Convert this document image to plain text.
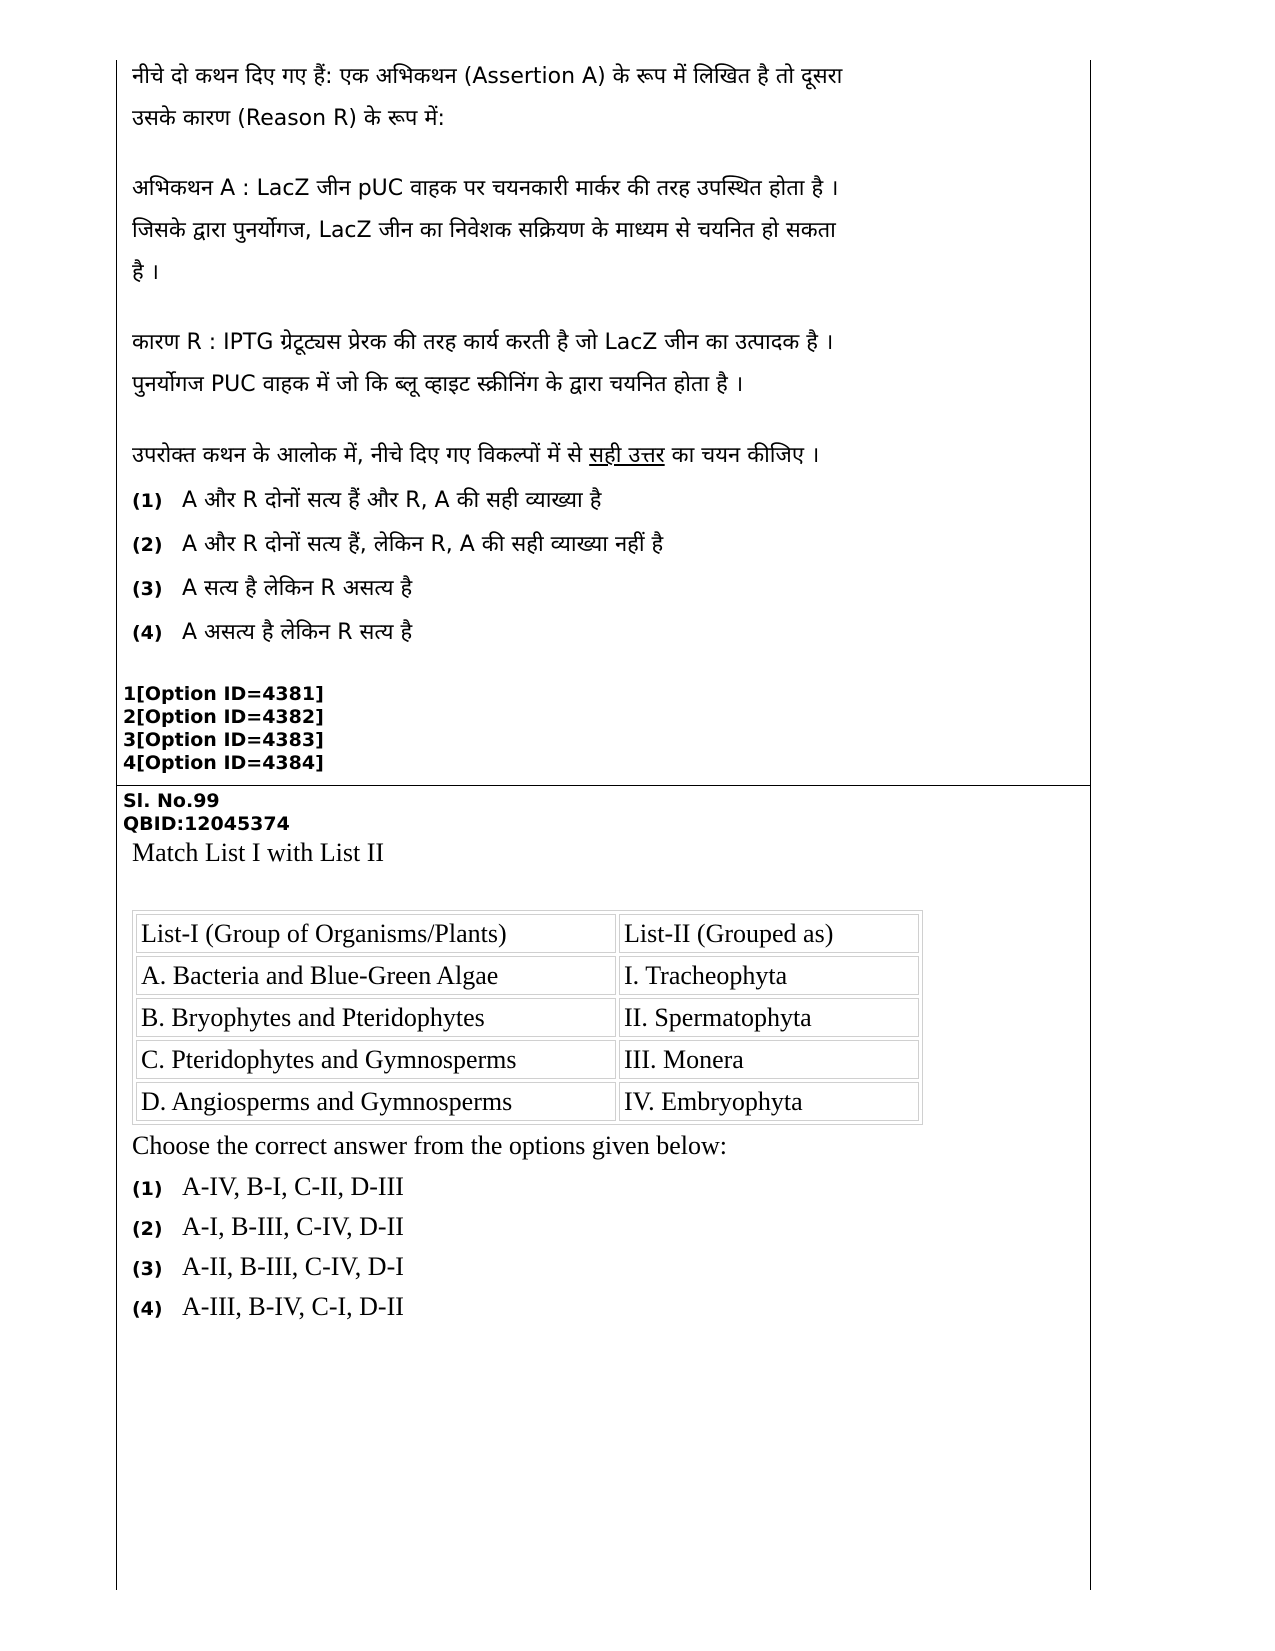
नीचे दो कथन दिए गए हैं: एक अभिकथन (Assertion A) के रूप में लिखित है तो दूसरा

उसके कारण (Reason R) के रूप में:

अभिकथन A : LacZ जीन pUC वाहक पर चयनकारी मार्कर की तरह उपस्थित होता है ।

जिसके द्वारा पुनर्योगज, LacZ जीन का निवेशक सक्रियण के माध्यम से चयनित हो सकता

है ।

कारण R : IPTG ग्रेटूट्यस प्रेरक की तरह कार्य करती है जो LacZ जीन का उत्पादक है ।

पुनर्योगज PUC वाहक में जो कि ब्लू व्हाइट स्क्रीनिंग के द्वारा चयनित होता है ।

उपरोक्त कथन के आलोक में, नीचे दिए गए विकल्पों में से सही उत्तर का चयन कीजिए ।

(1) A और R दोनों सत्य हैं और R, A की सही व्याख्या है
(2) A और R दोनों सत्य हैं, लेकिन R, A की सही व्याख्या नहीं है
(3) A सत्य है लेकिन R असत्य है
(4) A असत्य है लेकिन R सत्य है
1[Option ID=4381]
2[Option ID=4382]
3[Option ID=4383]
4[Option ID=4384]
Sl. No.99
QBID:12045374
Match List I with List II
List-I (Group of Organisms/Plants)	List-II (Grouped as)
A. Bacteria and Blue-Green Algae	I. Tracheophyta
B. Bryophytes and Pteridophytes	II. Spermatophyta
C. Pteridophytes and Gymnosperms	III. Monera
D. Angiosperms and Gymnosperms	IV. Embryophyta
Choose the correct answer from the options given below:
(1) A-IV, B-I, C-II, D-III
(2) A-I, B-III, C-IV, D-II
(3) A-II, B-III, C-IV, D-I
(4) A-III, B-IV, C-I, D-II
